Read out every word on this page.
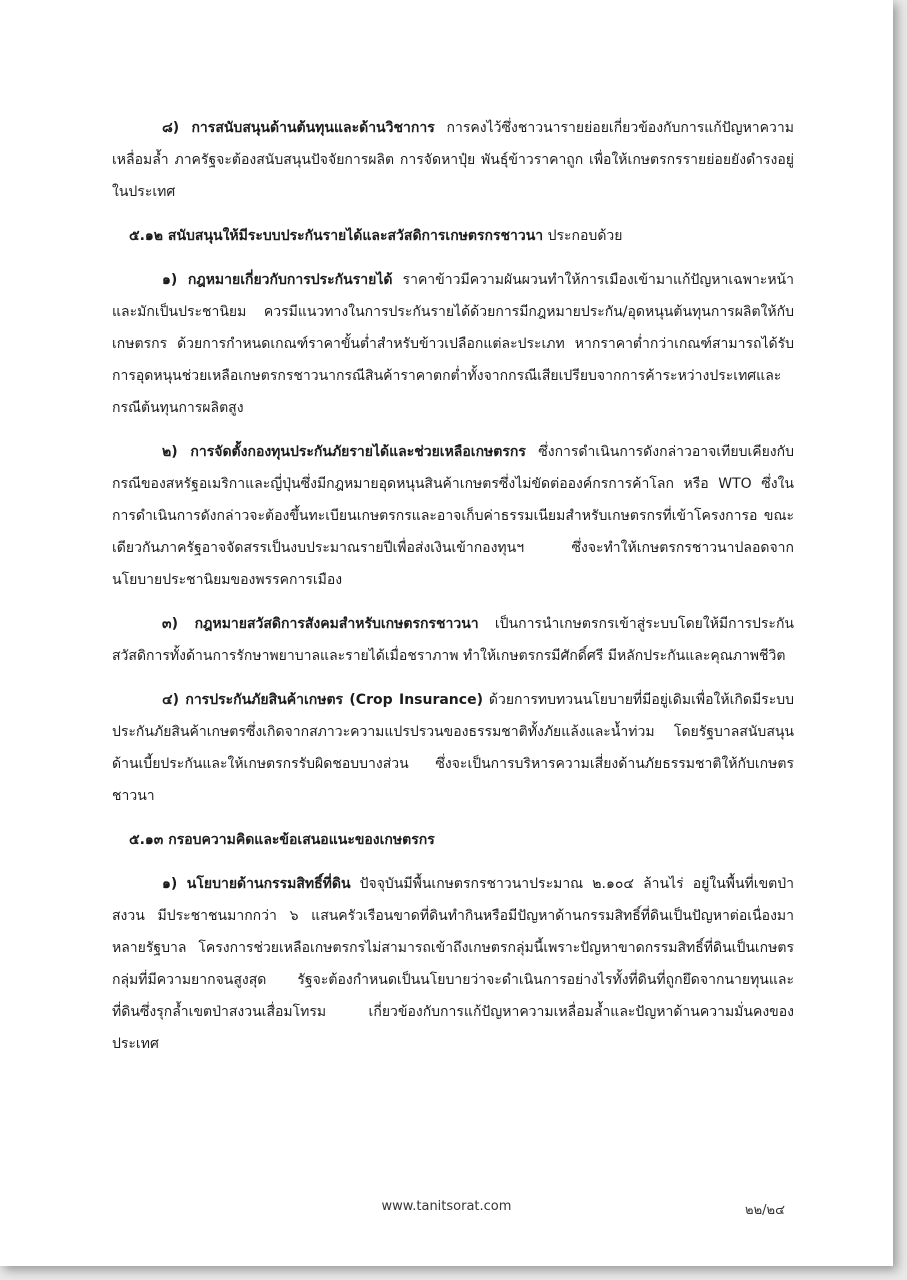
๘) การสนับสนุนด้านต้นทุนและด้านวิชาการ การคงไว้ซึ่งชาวนารายย่อยเกี่ยวข้องกับการแก้ปัญหาความเหลื่อมล้ำ ภาครัฐจะต้องสนับสนุนปัจจัยการผลิต การจัดหาปุ๋ย พันธุ์ข้าวราคาถูก เพื่อให้เกษตรกรรายย่อยยังดำรงอยู่ในประเทศ

๕.๑๒ สนับสนุนให้มีระบบประกันรายได้และสวัสดิการเกษตรกรชาวนา ประกอบด้วย

๑) กฎหมายเกี่ยวกับการประกันรายได้ ราคาข้าวมีความผันผวนทำให้การเมืองเข้ามาแก้ปัญหาเฉพาะหน้าและมักเป็นประชานิยม ควรมีแนวทางในการประกันรายได้ด้วยการมีกฎหมายประกัน/อุดหนุนต้นทุนการผลิตให้กับเกษตรกร ด้วยการกำหนดเกณฑ์ราคาขั้นต่ำสำหรับข้าวเปลือกแต่ละประเภท หากราคาต่ำกว่าเกณฑ์สามารถได้รับการอุดหนุนช่วยเหลือเกษตรกรชาวนากรณีสินค้าราคาตกต่ำทั้งจากกรณีเสียเปรียบจากการค้าระหว่างประเทศและกรณีต้นทุนการผลิตสูง

๒) การจัดตั้งกองทุนประกันภัยรายได้และช่วยเหลือเกษตรกร ซึ่งการดำเนินการดังกล่าวอาจเทียบเคียงกับกรณีของสหรัฐอเมริกาและญี่ปุ่นซึ่งมีกฎหมายอุดหนุนสินค้าเกษตรซึ่งไม่ขัดต่อองค์กรการค้าโลก หรือ WTO ซึ่งในการดำเนินการดังกล่าวจะต้องขึ้นทะเบียนเกษตรกรและอาจเก็บค่าธรรมเนียมสำหรับเกษตรกรที่เข้าโครงการอ ขณะเดียวกันภาครัฐอาจจัดสรรเป็นงบประมาณรายปีเพื่อส่งเงินเข้ากองทุนฯ ซึ่งจะทำให้เกษตรกรชาวนาปลอดจากนโยบายประชานิยมของพรรคการเมือง

๓) กฎหมายสวัสดิการสังคมสำหรับเกษตรกรชาวนา เป็นการนำเกษตรกรเข้าสู่ระบบโดยให้มีการประกันสวัสดิการทั้งด้านการรักษาพยาบาลและรายได้เมื่อชราภาพ ทำให้เกษตรกรมีศักดิ์ศรี มีหลักประกันและคุณภาพชีวิต

๔) การประกันภัยสินค้าเกษตร (Crop Insurance) ด้วยการทบทวนนโยบายที่มีอยู่เดิมเพื่อให้เกิดมีระบบประกันภัยสินค้าเกษตรซึ่งเกิดจากสภาวะความแปรปรวนของธรรมชาติทั้งภัยแล้งและน้ำท่วม โดยรัฐบาลสนับสนุนด้านเบี้ยประกันและให้เกษตรกรรับผิดชอบบางส่วน ซึ่งจะเป็นการบริหารความเสี่ยงด้านภัยธรรมชาติให้กับเกษตรชาวนา

๕.๑๓ กรอบความคิดและข้อเสนอแนะของเกษตรกร

๑) นโยบายด้านกรรมสิทธิ์ที่ดิน ปัจจุบันมีพื้นเกษตรกรชาวนาประมาณ ๒.๑๐๔ ล้านไร่ อยู่ในพื้นที่เขตป่าสงวน มีประชาชนมากกว่า ๖ แสนครัวเรือนขาดที่ดินทำกินหรือมีปัญหาด้านกรรมสิทธิ์ที่ดินเป็นปัญหาต่อเนื่องมาหลายรัฐบาล โครงการช่วยเหลือเกษตรกรไม่สามารถเข้าถึงเกษตรกลุ่มนี้เพราะปัญหาขาดกรรมสิทธิ์ที่ดินเป็นเกษตรกลุ่มที่มีความยากจนสูงสุด รัฐจะต้องกำหนดเป็นนโยบายว่าจะดำเนินการอย่างไรทั้งที่ดินที่ถูกยึดจากนายทุนและที่ดินซึ่งรุกล้ำเขตป่าสงวนเสื่อมโทรม เกี่ยวข้องกับการแก้ปัญหาความเหลื่อมล้ำและปัญหาด้านความมั่นคงของประเทศ

www.tanitsorat.com	๒๒/๒๔
